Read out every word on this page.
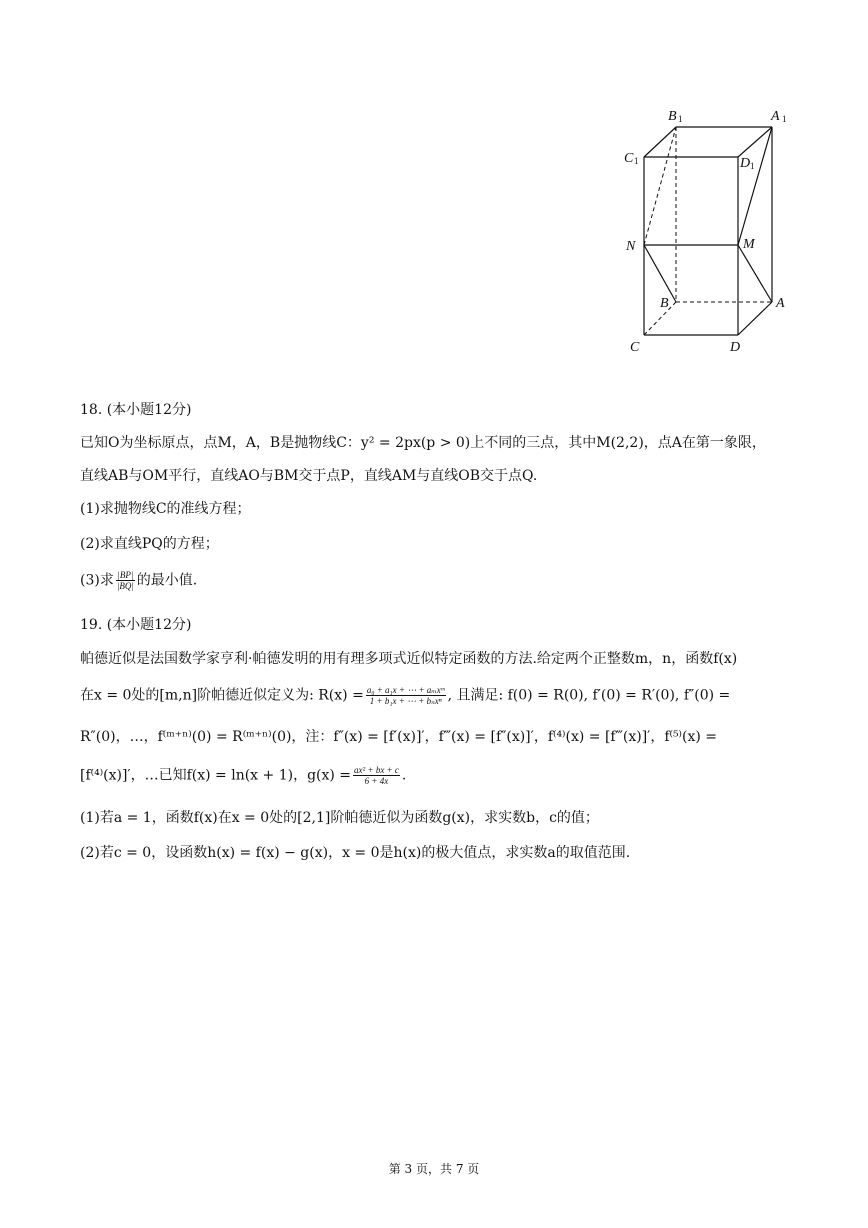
B 1	A 1
C 1	D 1
N	M
B	A
C	D
18. (本小题12分)
已知O为坐标原点，点M，A，B是抛物线C：y² = 2px(p > 0)上不同的三点，其中M(2,2)，点A在第一象限，
直线AB与OM平行，直线AO与BM交于点P，直线AM与直线OB交于点Q.
(1)求抛物线C的准线方程；
(2)求直线PQ的方程；
(3)求 $\frac{|BP|}{|BQ|}$ 的最小值.
19. (本小题12分)
帕德近似是法国数学家亨利·帕德发明的用有理多项式近似特定函数的方法.给定两个正整数m，n，函数f(x)
在x = 0处的[m,n]阶帕德近似定义为: $R(x) = \frac{\text{a₀ + a₁x + ⋯ + aₘxᵐ}}{\text{1 + b₁x + ⋯ + bₙxⁿ}}$ , 且满足: f(0) = R(0), f′(0) = R′(0), f″(0) =
R″(0)，…，f⁽ᵐ⁺ⁿ⁾(0) = R⁽ᵐ⁺ⁿ⁾(0)，注：f″(x) = [f′(x)]′，f‴(x) = [f″(x)]′，f⁽⁴⁾(x) = [f‴(x)]′，f⁽⁵⁾(x) =
[f⁽⁴⁾(x)]′，…已知f(x) = ln(x + 1)，$g(x) = \frac{\text{ax² + bx + c}}{6 + 4x}$ .
(1)若a = 1，函数f(x)在x = 0处的[2,1]阶帕德近似为函数g(x)，求实数b，c的值；
(2)若c = 0，设函数h(x) = f(x) − g(x)，x = 0是h(x)的极大值点，求实数a的取值范围.
第 3 页，共 7 页
